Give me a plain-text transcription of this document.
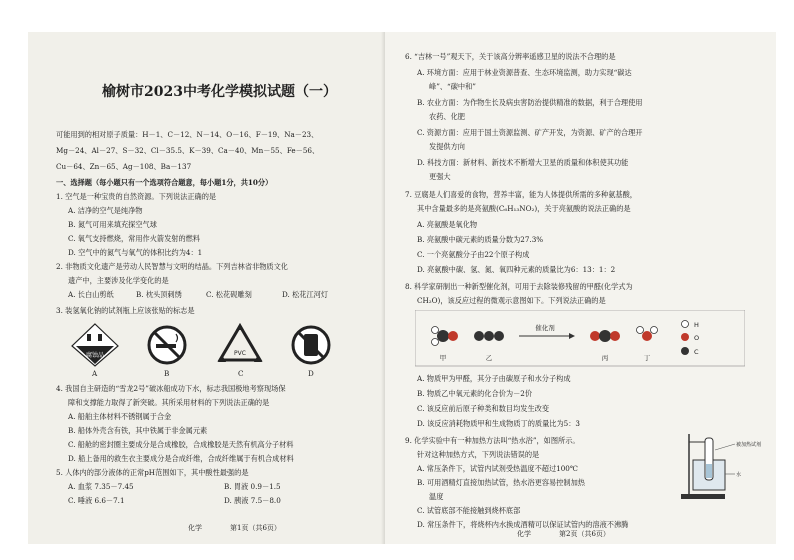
榆树市2023中考化学模拟试题（一）
可能用到的相对原子质量：H－1、C－12、N－14、O－16、F－19、Na－23、
Mg－24、Al－27、S－32、Cl－35.5、K－39、Ca－40、Mn－55、Fe－56、
Cu－64、Zn－65、Ag－108、Ba－137
一、选择题（每小题只有一个选项符合题意，每小题1分，共10分）
1. 空气是一种宝贵的自然资源。下列说法正确的是
A. 洁净的空气是纯净物
B. 氮气可用来填充探空气球
C. 氧气支持燃烧，常用作火箭发射的燃料
D. 空气中的氮气与氧气的体积比约为4：1
2. 非物质文化遗产是劳动人民智慧与文明的结晶。下列吉林省非物质文化
遗产中，主要涉及化学变化的是
A. 长白山剪纸	B. 枕头顶刺绣	C. 松花砚雕刻	D. 松花江河灯
3. 装氢氧化钠的试剂瓶上应该张贴的标志是
腐蚀品
A	B
PVC
C	D
4. 我国自主研造的“雪龙2号”破冰船成功下水，标志我国极地考察现场保
障和支撑能力取得了新突破。其所采用材料的下列说法正确的是
A. 船舶主体材料不锈钢属于合金
B. 船体外壳含有铁，其中铁属于非金属元素
C. 船舱的密封圈主要成分是合成橡胶，合成橡胶是天然有机高分子材料
D. 船上备用的救生衣主要成分是合成纤维，合成纤维属于有机合成材料
5. 人体内的部分液体的正常pH范围如下，其中酸性最强的是
A. 血浆 7.35－7.45	B. 胃液 0.9－1.5
C. 唾液 6.6－7.1	D. 胰液 7.5－8.0
化学	第1页（共6页）
6. “吉林一号”观天下，关于该高分辨率遥感卫星的说法不合理的是
A. 环境方面：应用于林业资源普查、生态环境监测，助力实现“碳达
峰”、“碳中和”
B. 农业方面：为作物生长及病虫害防治提供精准的数据，利于合理使用
农药、化肥
C. 资源方面：应用于国土资源监测、矿产开发，为资源、矿产的合理开
发提供方向
D. 科技方面：新材料、新技术不断增大卫星的质量和体积使其功能
更强大
7. 豆腐是人们喜爱的食物，营养丰富，能为人体提供所需的多种氨基酸，
其中含量最多的是亮氨酸(C₆H₁₃NO₂)，关于亮氨酸的说法正确的是
A. 亮氨酸是氧化物
B. 亮氨酸中碳元素的质量分数为27.3%
C. 一个亮氨酸分子由22个原子构成
D. 亮氨酸中碳、氢、氮、氧四种元素的质量比为6：13：1：2
8. 科学家研制出一种新型催化剂，可用于去除装修残留的甲醛(化学式为
CH₂O)，该反应过程的微观示意图如下。下列说法正确的是
催化剂	H
O
C
甲	乙	丙	丁
A. 物质甲为甲醛，其分子由碳原子和水分子构成
B. 物质乙中氧元素的化合价为－2价
C. 该反应前后原子种类和数目均发生改变
D. 该反应消耗物质甲和生成物质丁的质量比为5：3
9. 化学实验中有一种加热方法叫“热水浴”，如图所示。
针对这种加热方式，下列说法错误的是
A. 常压条件下，试管内试剂受热温度不超过100℃
B. 可用酒精灯直接加热试管，热水浴更容易控制加热
温度
C. 试管底部不能接触到烧杯底部
D. 常压条件下，将烧杯内水换成酒精可以保证试管内的溶液不沸腾
被加热试剂
水
化学	第2页（共6页）
